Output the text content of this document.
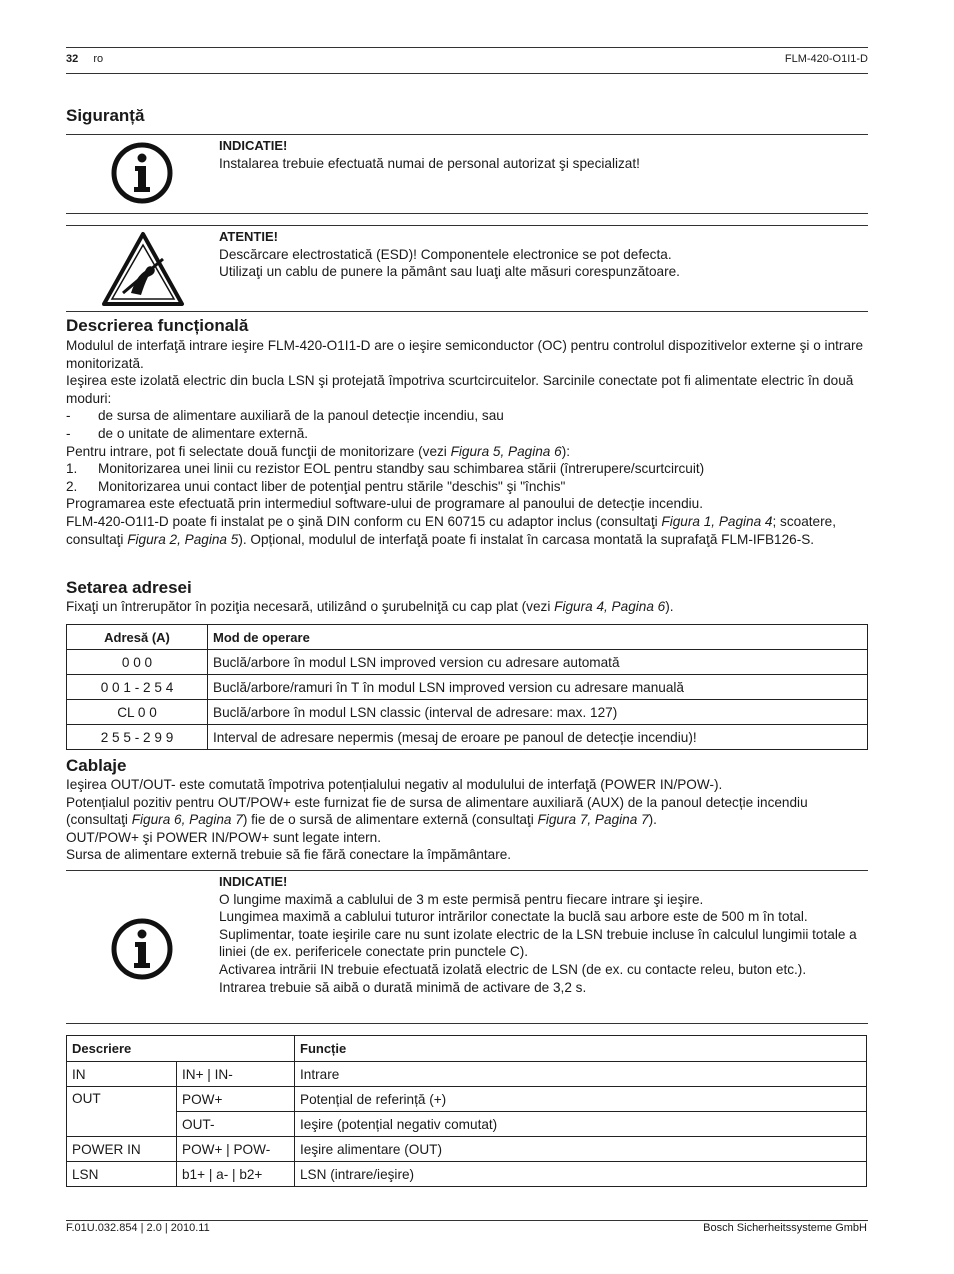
32 ro	FLM-420-O1I1-D
Siguranță

INDICATIE!

Instalarea trebuie efectuată numai de personal autorizat şi specializat!

ATENTIE!

Descărcare electrostatică (ESD)! Componentele electronice se pot defecta.

Utilizaţi un cablu de punere la pământ sau luaţi alte măsuri corespunzătoare.

Descrierea funcțională

Modulul de interfaţă intrare ieşire FLM-420-O1I1-D are o ieşire semiconductor (OC) pentru controlul dispozitivelor externe şi o intrare monitorizată.

Ieşirea este izolată electric din bucla LSN şi protejată împotriva scurtcircuitelor. Sarcinile conectate pot fi alimentate electric în două moduri:

-	de sursa de alimentare auxiliară de la panoul detecție incendiu, sau
-	de o unitate de alimentare externă.

Pentru intrare, pot fi selectate două funcţii de monitorizare (vezi Figura 5, Pagina 6):

1.	Monitorizarea unei linii cu rezistor EOL pentru standby sau schimbarea stării (întrerupere/scurtcircuit)
2.	Monitorizarea unui contact liber de potenţial pentru stările "deschis" şi "închis"

Programarea este efectuată prin intermediul software-ului de programare al panoului de detecție incendiu.

FLM-420-O1I1-D poate fi instalat pe o şină DIN conform cu EN 60715 cu adaptor inclus (consultaţi Figura 1, Pagina 4; scoatere, consultaţi Figura 2, Pagina 5). Opțional, modulul de interfaţă poate fi instalat în carcasa montată la suprafaţă FLM-IFB126-S.

Setarea adresei

Fixaţi un întrerupător în poziţia necesară, utilizând o şurubelniţă cu cap plat (vezi Figura 4, Pagina 6).

Adresă (A)	Mod de operare
0 0 0	Buclă/arbore în modul LSN improved version cu adresare automată
0 0 1 - 2 5 4	Buclă/arbore/ramuri în T în modul LSN improved version cu adresare manuală
CL 0 0	Buclă/arbore în modul LSN classic (interval de adresare: max. 127)
2 5 5 - 2 9 9	Interval de adresare nepermis (mesaj de eroare pe panoul de detecție incendiu)!
Cablaje

Ieşirea OUT/OUT- este comutată împotriva potențialului negativ al modulului de interfaţă (POWER IN/POW-).

Potențialul pozitiv pentru OUT/POW+ este furnizat fie de sursa de alimentare auxiliară (AUX) de la panoul detecție incendiu (consultaţi Figura 6, Pagina 7) fie de o sursă de alimentare externă (consultaţi Figura 7, Pagina 7).

OUT/POW+ şi POWER IN/POW+ sunt legate intern.

Sursa de alimentare externă trebuie să fie fără conectare la împământare.

INDICATIE!

O lungime maximă a cablului de 3 m este permisă pentru fiecare intrare şi ieşire.

Lungimea maximă a cablului tuturor intrărilor conectate la buclă sau arbore este de 500 m în total. Suplimentar, toate ieşirile care nu sunt izolate electric de la LSN trebuie incluse în calculul lungimii totale a liniei (de ex. perifericele conectate prin punctele C).

Activarea intrării IN trebuie efectuată izolată electric de LSN (de ex. cu contacte releu, buton etc.).

Intrarea trebuie să aibă o durată minimă de activare de 3,2 s.

Descriere		Funcție
IN	IN+ | IN-	Intrare
OUT	POW+	Potențial de referință (+)
	OUT-	Ieşire (potențial negativ comutat)
POWER IN	POW+ | POW-	Ieşire alimentare (OUT)
LSN	b1+ | a- | b2+	LSN (intrare/ieşire)
F.01U.032.854 | 2.0 | 2010.11	Bosch Sicherheitssysteme GmbH
